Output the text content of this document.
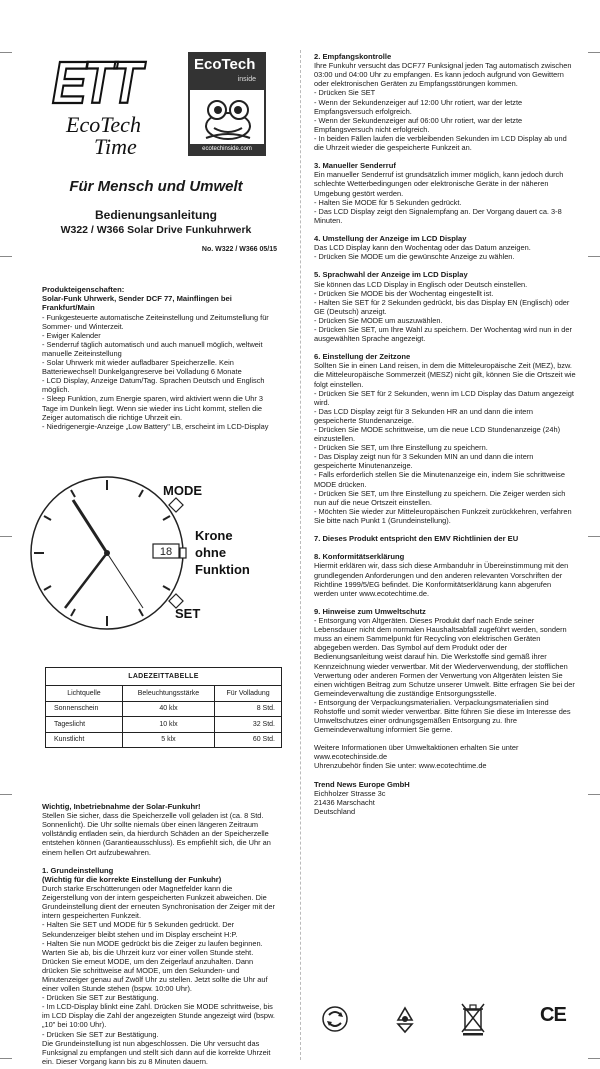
ETT
EcoTech
Time
EcoTech
inside
ecotechinside.com
Für Mensch und Umwelt
Bedienungsanleitung
W322 / W366 Solar Drive Funkuhrwerk
No. W322 / W366 05/15
Produkteigenschaften:
Solar-Funk Uhrwerk, Sender DCF 77, Mainflingen bei Frankfurt/Main
- Funkgesteuerte automatische Zeiteinstellung und Zeitumstellung für Sommer- und Winterzeit.
- Ewiger Kalender
- Senderruf täglich automatisch und auch manuell möglich, weltweit manuelle Zeiteinstellung
- Solar Uhrwerk mit wieder aufladbarer Speicherzelle. Kein Batteriewechsel! Dunkelgangreserve bei Volladung 6 Monate
- LCD Display, Anzeige Datum/Tag. Sprachen Deutsch und Englisch möglich.
- Sleep Funktion, zum Energie sparen, wird aktiviert wenn die Uhr 3 Tage im Dunkeln liegt. Wenn sie wieder ins Licht kommt, stellen die Zeiger automatisch die richtige Uhrzeit ein.
- Niedrigenergie-Anzeige „Low Battery" LB, erscheint im LCD-Display
18
MODE
SET
Krone
ohne
Funktion
LADEZEITTABELLE		
Lichtquelle	Beleuchtungsstärke	Für Volladung
Sonnenschein	40 klx	8 Std.
Tageslicht	10 klx	32 Std.
Kunstlicht	5 klx	60 Std.
Wichtig, Inbetriebnahme der Solar-Funkuhr!
Stellen Sie sicher, dass die Speicherzelle voll geladen ist (ca. 8 Std. Sonnenlicht). Die Uhr sollte niemals über einen längeren Zeitraum vollständig entladen sein, da hierdurch Schäden an der Speicherzelle entstehen können (Garantieausschluss). Es empfiehlt sich, die Uhr an einem hellen Ort aufzubewahren.
1. Grundeinstellung
(Wichtig für die korrekte Einstellung der Funkuhr)
Durch starke Erschütterungen oder Magnetfelder kann die Zeigerstellung von der intern gespeicherten Funkzeit abweichen. Die Grundeinstellung dient der erneuten Synchronisation der Zeiger mit der intern gespeicherten Funkzeit.
- Halten Sie SET und MODE für 5 Sekunden gedrückt. Der Sekundenzeiger bleibt stehen und im Display erscheint H:P.
- Halten Sie nun MODE gedrückt bis die Zeiger zu laufen beginnen. Warten Sie ab, bis die Uhrzeit kurz vor einer vollen Stunde steht. Drücken Sie erneut MODE, um den Zeigerlauf anzuhalten. Dann drücken Sie schrittweise auf MODE, um den Sekunden- und Minutenzeiger genau auf Zwölf Uhr zu stellen. Jetzt sollte die Uhr auf einer vollen Stunde stehen (bspw. 10:00 Uhr).
- Drücken Sie SET zur Bestätigung.
- Im LCD-Display blinkt eine Zahl. Drücken Sie MODE schrittweise, bis im LCD Display die Zahl der angezeigten Stunde angezeigt wird (bspw. „10" bei 10:00 Uhr).
- Drücken Sie SET zur Bestätigung.
Die Grundeinstellung ist nun abgeschlossen. Die Uhr versucht das Funksignal zu empfangen und stellt sich dann auf die korrekte Uhrzeit ein. Dieser Vorgang kann bis zu 8 Minuten dauern.
2. Empfangskontrolle
Ihre Funkuhr versucht das DCF77 Funksignal jeden Tag automatisch zwischen 03:00 und 04:00 Uhr zu empfangen. Es kann jedoch aufgrund von Gewittern oder elektronischen Geräten zu Empfangsstörungen kommen.
- Drücken Sie SET
- Wenn der Sekundenzeiger auf 12:00 Uhr rotiert, war der letzte Empfangsversuch erfolgreich.
- Wenn der Sekundenzeiger auf 06:00 Uhr rotiert, war der letzte Empfangsversuch nicht erfolgreich.
- In beiden Fällen laufen die verbleibenden Sekunden im LCD Display ab und die Uhrzeit wieder die gespeicherte Funkzeit an.
3. Manueller Senderruf
Ein manueller Senderruf ist grundsätzlich immer möglich, kann jedoch durch schlechte Wetterbedingungen oder elektronische Geräte in der näheren Umgebung gestört werden.
- Halten Sie MODE für 5 Sekunden gedrückt.
- Das LCD Display zeigt den Signalempfang an. Der Vorgang dauert ca. 3-8 Minuten.
4. Umstellung der Anzeige im LCD Display
Das LCD Display kann den Wochentag oder das Datum anzeigen.
- Drücken Sie MODE um die gewünschte Anzeige zu wählen.
5. Sprachwahl der Anzeige im LCD Display
Sie können das LCD Display in Englisch oder Deutsch einstellen.
- Drücken Sie MODE bis der Wochentag eingestellt ist.
- Halten Sie SET für 2 Sekunden gedrückt, bis das Display EN (Englisch) oder GE (Deutsch) anzeigt.
- Drücken Sie MODE um auszuwählen.
- Drücken Sie SET, um Ihre Wahl zu speichern. Der Wochentag wird nun in der ausgewählten Sprache angezeigt.
6. Einstellung der Zeitzone
Sollten Sie in einen Land reisen, in dem die Mitteleuropäische Zeit (MEZ), bzw. die Mitteleuropäische Sommerzeit (MESZ) nicht gilt, können Sie die Ortszeit wie folgt einstellen.
- Drücken Sie SET für 2 Sekunden, wenn im LCD Display das Datum angezeigt wird.
- Das LCD Display zeigt für 3 Sekunden HR an und dann die intern gespeicherte Stundenanzeige.
- Drücken Sie MODE schrittweise, um die neue LCD Stundenanzeige (24h) einzustellen.
- Drücken Sie SET, um Ihre Einstellung zu speichern.
- Das Display zeigt nun für 3 Sekunden MIN an und dann die intern gespeicherte Minutenanzeige.
- Falls erforderlich stellen Sie die Minutenanzeige ein, indem Sie schrittweise MODE drücken.
- Drücken Sie SET, um Ihre Einstellung zu speichern. Die Zeiger werden sich nun auf die neue Ortszeit einstellen.
- Möchten Sie wieder zur Mitteleuropäischen Funkzeit zurückkehren, verfahren Sie bitte nach Punkt 1 (Grundeinstellung).
7. Dieses Produkt entspricht den EMV Richtlinien der EU
8. Konformitätserklärung
Hiermit erklären wir, dass sich diese Armbanduhr in Übereinstimmung mit den grundlegenden Anforderungen und den anderen relevanten Vorschriften der Richtline 1999/5/EG befindet. Die Konformitätserklärung kann abgerufen werden unter www.ecotechtime.de.
9. Hinweise zum Umweltschutz
- Entsorgung von Altgeräten. Dieses Produkt darf nach Ende seiner Lebensdauer nicht dem normalen Haushaltsabfall zugeführt werden, sondern muss an einem Sammelpunkt für Recycling von elektrischen Geräten abgegeben werden. Das Symbol auf dem Produkt oder der Bedienungsanleitung weist darauf hin. Die Werkstoffe sind gemäß ihrer Kennzeichnung wieder verwertbar. Mit der Wiederverwendung, der stofflichen Verwertung oder anderen Formen der Verwertung von Altgeräten leisten Sie einen wichtigen Beitrag zum Schutze unserer Umwelt. Bitte erfragen Sie bei der Gemeindeverwaltung die zuständige Entsorgungsstelle.
- Entsorgung der Verpackungsmaterialien. Verpackungsmaterialien sind Rohstoffe und somit wieder verwertbar. Bitte führen Sie diese im Interesse des Umweltschutzes einer ordnungsgemäßen Entsorgung zu. Ihre Gemeindeverwaltung informiert Sie gerne.
Weitere Informationen über Umweltaktionen erhalten Sie unter www.ecotechinside.de
Uhrenzubehör finden Sie unter: www.ecotechtime.de
Trend News Europe GmbH
Eichholzer Strasse 3c
21436 Marschacht
Deutschland
CE
